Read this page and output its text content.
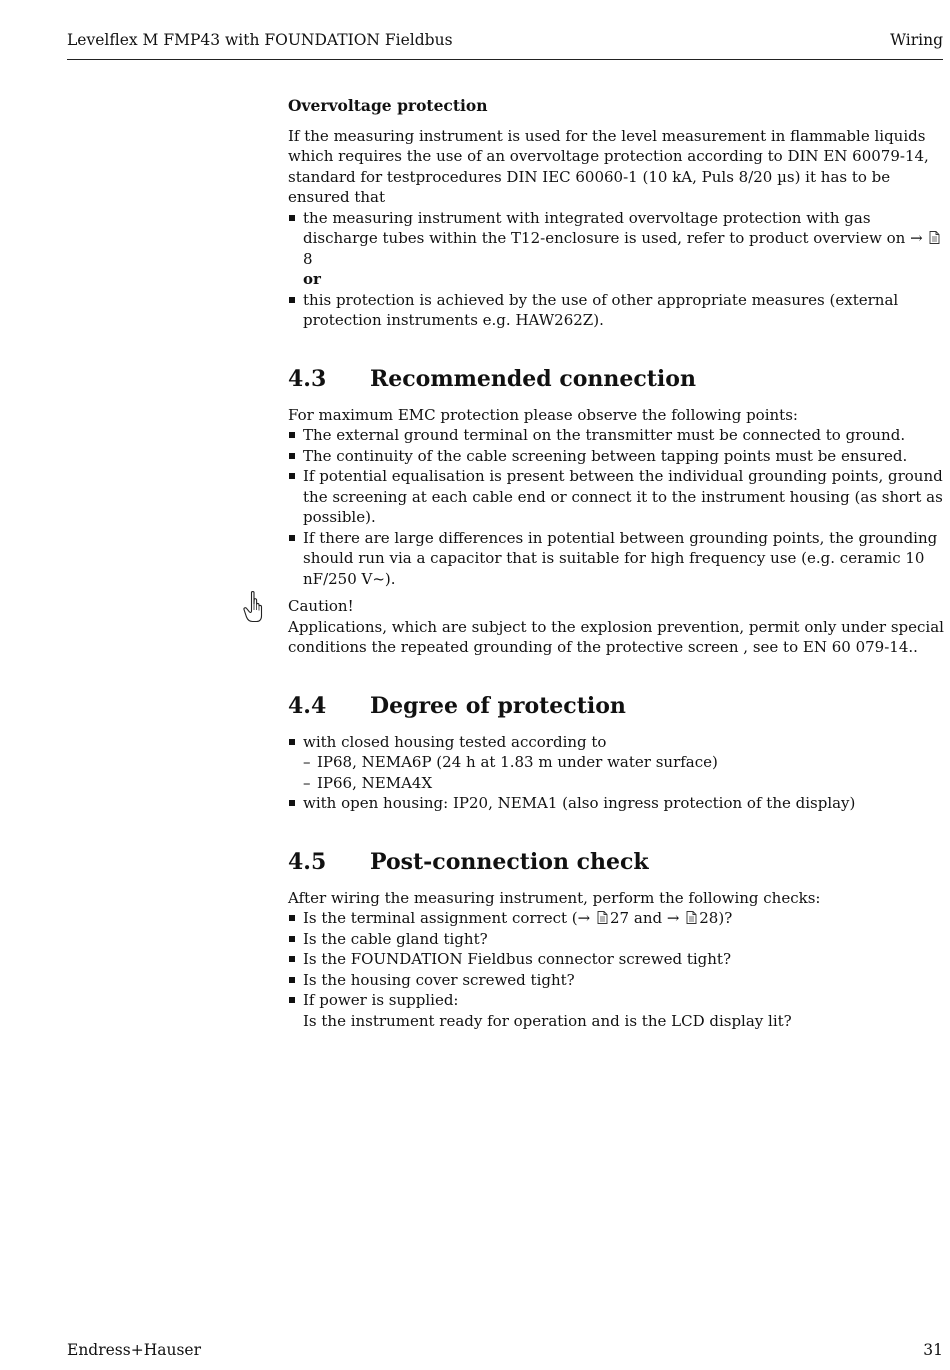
Levelflex M FMP43 with FOUNDATION Fieldbus	Wiring
Overvoltage protection

If the measuring instrument is used for the level measurement in flammable liquids which requires the use of an overvoltage protection according to DIN EN 60079-14, standard for testprocedures DIN IEC 60060-1 (10 kA, Puls 8/20 µs) it has to be ensured that

the measuring instrument with integrated overvoltage protection with gas discharge tubes within the T12-enclosure is used, refer to product overview on → 8
or
this protection is achieved by the use of other appropriate measures (external protection instruments e.g. HAW262Z).
4.3 Recommended connection

For maximum EMC protection please observe the following points:

The external ground terminal on the transmitter must be connected to ground.
The continuity of the cable screening between tapping points must be ensured.
If potential equalisation is present between the individual grounding points, ground the screening at each cable end or connect it to the instrument housing (as short as possible).
If there are large differences in potential between grounding points, the grounding should run via a capacitor that is suitable for high frequency use (e.g. ceramic 10 nF/250 V~).
Caution!

Applications, which are subject to the explosion prevention, permit only under special conditions the repeated grounding of the protective screen , see to EN 60 079-14..

4.4 Degree of protection
with closed housing tested according to
– IP68, NEMA6P (24 h at 1.83 m under water surface)
– IP66, NEMA4X
with open housing: IP20, NEMA1 (also ingress protection of the display)
4.5 Post-connection check

After wiring the measuring instrument, perform the following checks:

Is the terminal assignment correct (→ 27 and → 28)?
Is the cable gland tight?
Is the FOUNDATION Fieldbus connector screwed tight?
Is the housing cover screwed tight?
If power is supplied:
Is the instrument ready for operation and is the LCD display lit?
Endress+Hauser	31
